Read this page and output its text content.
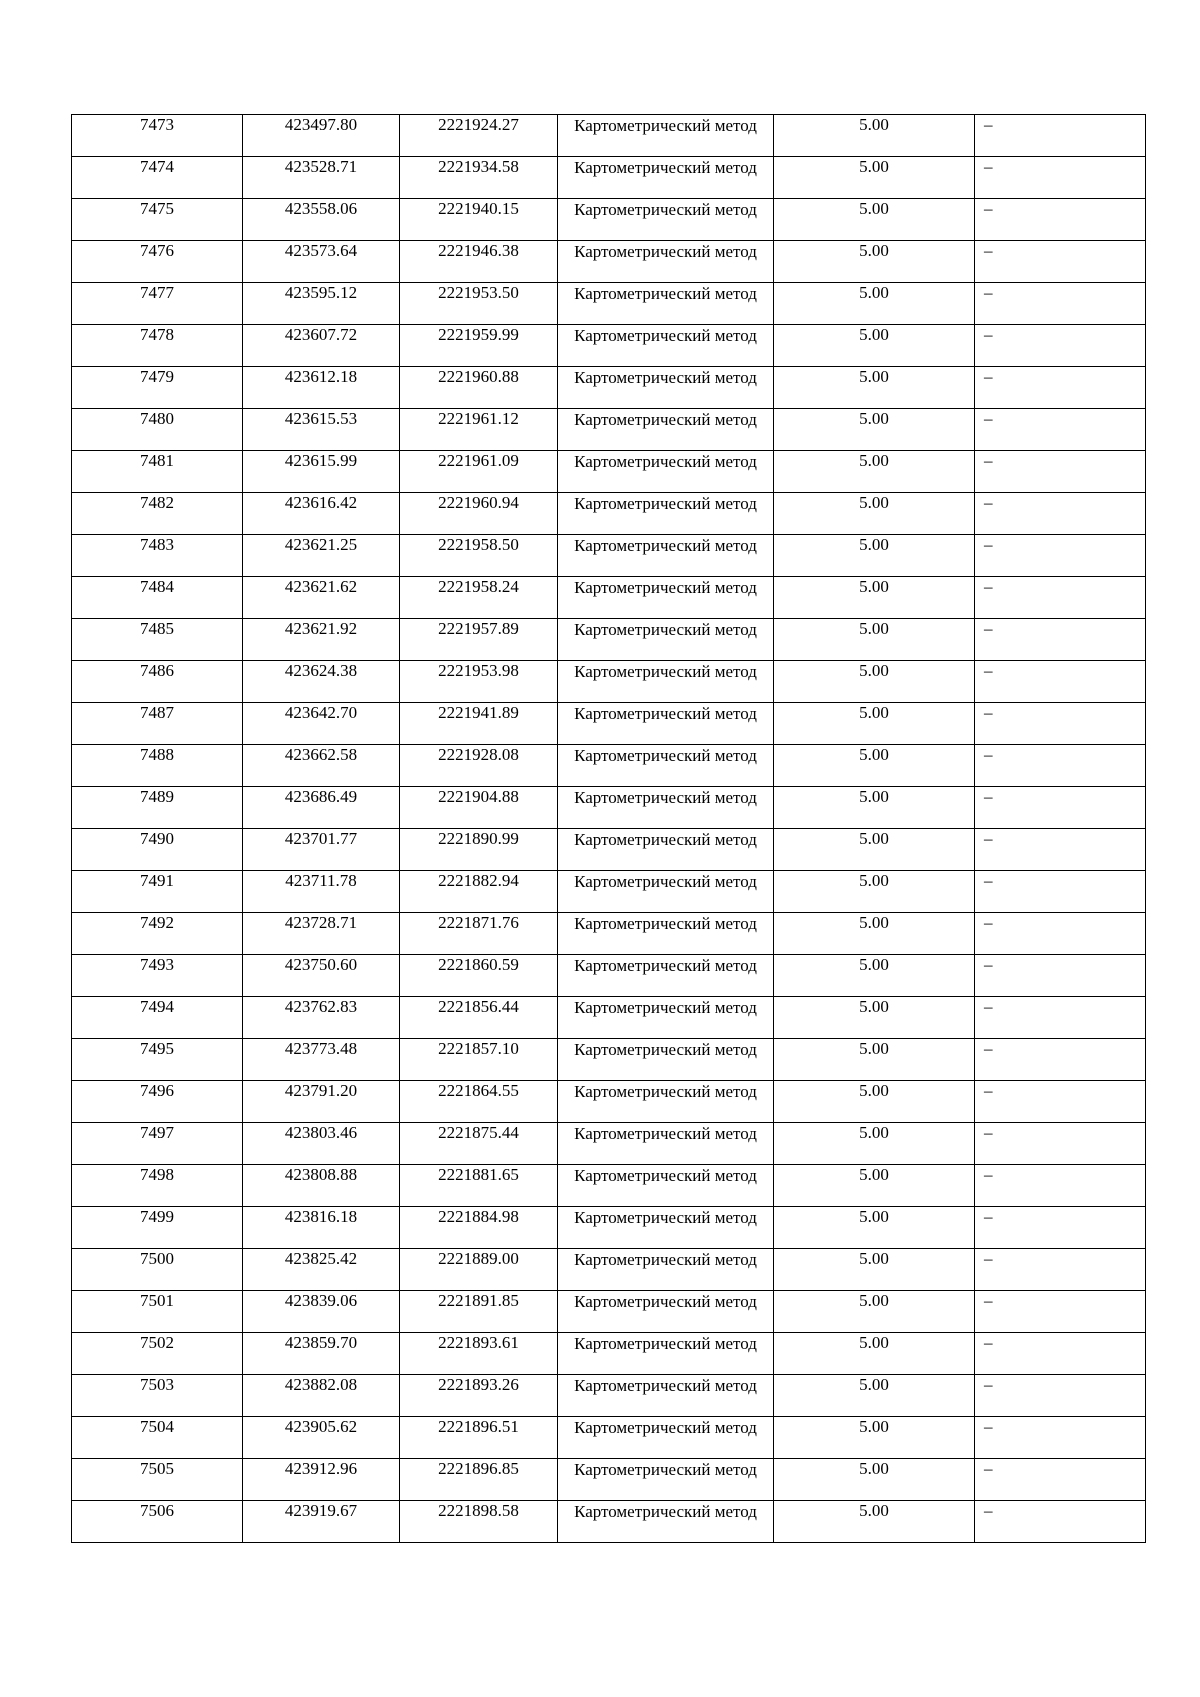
7473	423497.80	2221924.27	Картометрический метод	5.00	–

7474	423528.71	2221934.58	Картометрический метод	5.00	–

7475	423558.06	2221940.15	Картометрический метод	5.00	–

7476	423573.64	2221946.38	Картометрический метод	5.00	–

7477	423595.12	2221953.50	Картометрический метод	5.00	–

7478	423607.72	2221959.99	Картометрический метод	5.00	–

7479	423612.18	2221960.88	Картометрический метод	5.00	–

7480	423615.53	2221961.12	Картометрический метод	5.00	–

7481	423615.99	2221961.09	Картометрический метод	5.00	–

7482	423616.42	2221960.94	Картометрический метод	5.00	–

7483	423621.25	2221958.50	Картометрический метод	5.00	–

7484	423621.62	2221958.24	Картометрический метод	5.00	–

7485	423621.92	2221957.89	Картометрический метод	5.00	–

7486	423624.38	2221953.98	Картометрический метод	5.00	–

7487	423642.70	2221941.89	Картометрический метод	5.00	–

7488	423662.58	2221928.08	Картометрический метод	5.00	–

7489	423686.49	2221904.88	Картометрический метод	5.00	–

7490	423701.77	2221890.99	Картометрический метод	5.00	–

7491	423711.78	2221882.94	Картометрический метод	5.00	–

7492	423728.71	2221871.76	Картометрический метод	5.00	–

7493	423750.60	2221860.59	Картометрический метод	5.00	–

7494	423762.83	2221856.44	Картометрический метод	5.00	–

7495	423773.48	2221857.10	Картометрический метод	5.00	–

7496	423791.20	2221864.55	Картометрический метод	5.00	–

7497	423803.46	2221875.44	Картометрический метод	5.00	–

7498	423808.88	2221881.65	Картометрический метод	5.00	–

7499	423816.18	2221884.98	Картометрический метод	5.00	–

7500	423825.42	2221889.00	Картометрический метод	5.00	–

7501	423839.06	2221891.85	Картометрический метод	5.00	–

7502	423859.70	2221893.61	Картометрический метод	5.00	–

7503	423882.08	2221893.26	Картометрический метод	5.00	–

7504	423905.62	2221896.51	Картометрический метод	5.00	–

7505	423912.96	2221896.85	Картометрический метод	5.00	–

7506	423919.67	2221898.58	Картометрический метод	5.00	–
